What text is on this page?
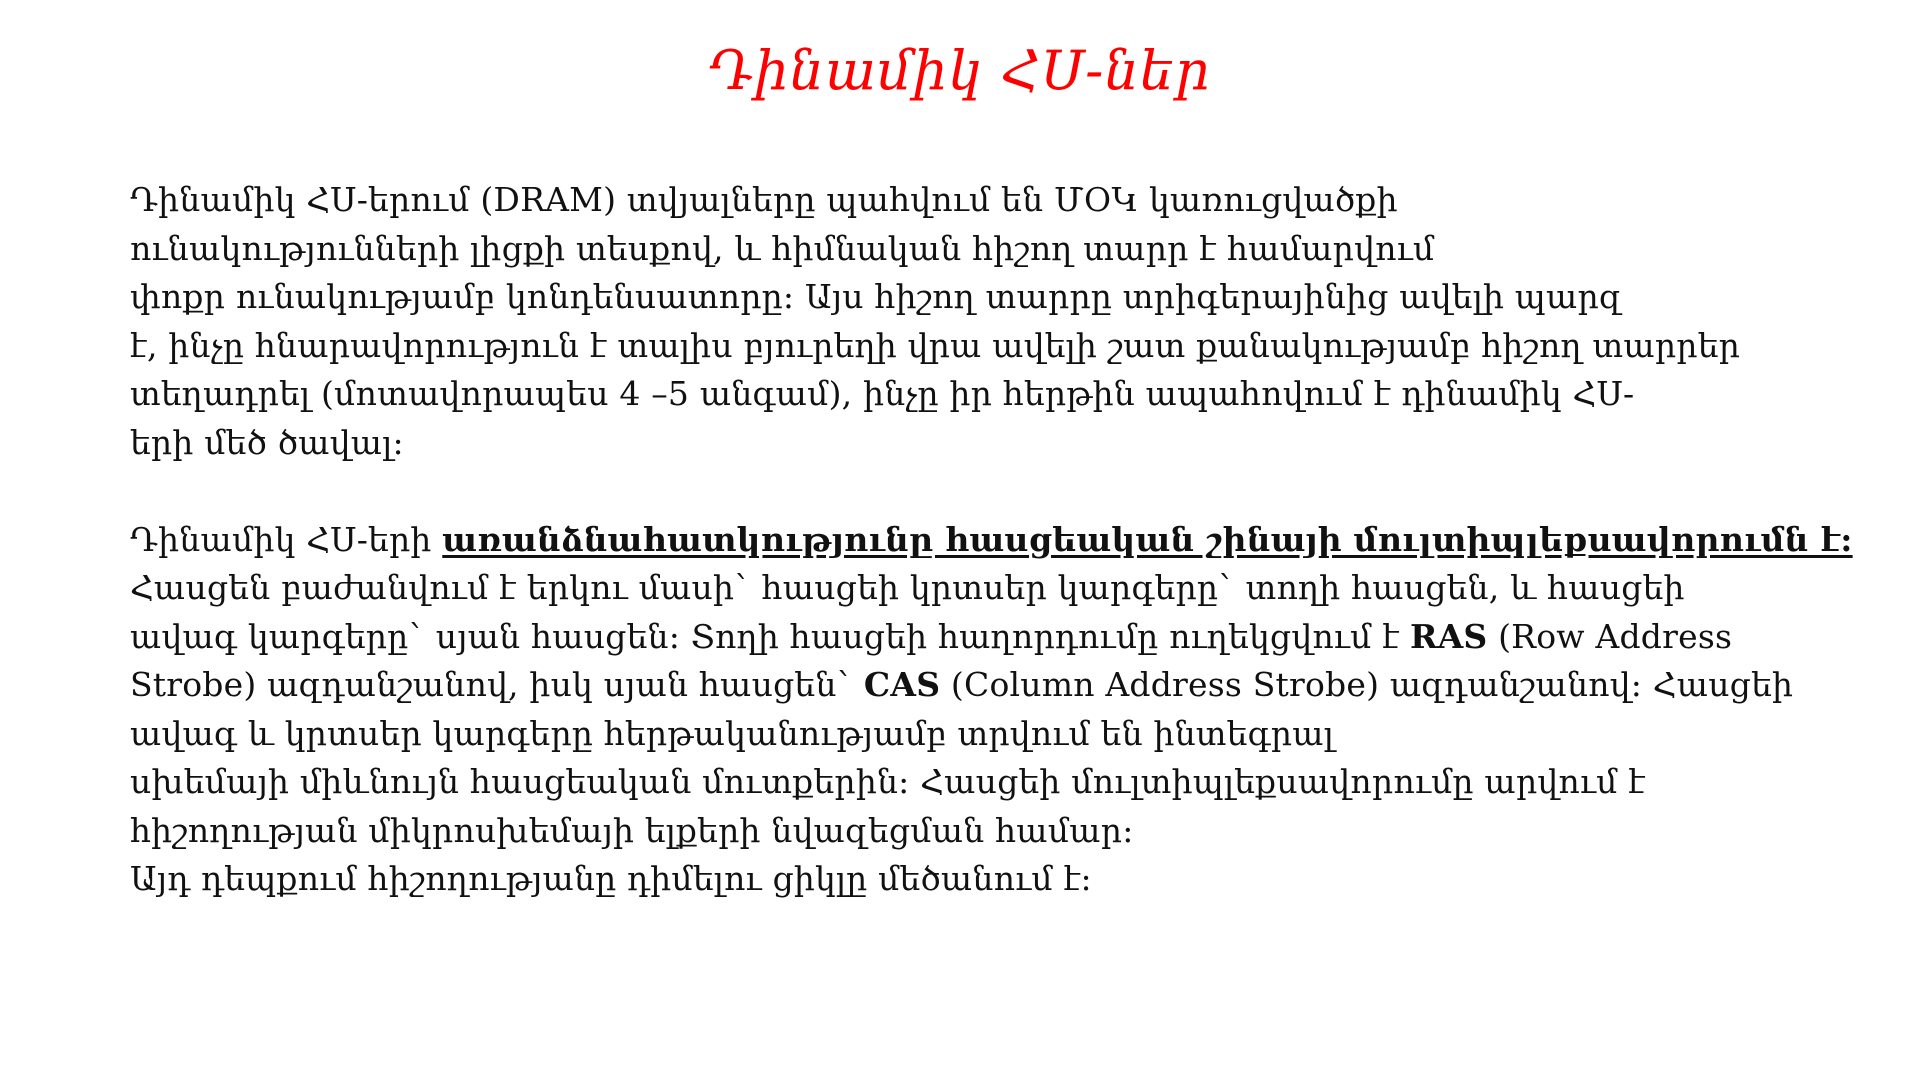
Դինամիկ ՀՍ-ներ
Դինամիկ ՀՍ-երում (DRAM) տվյալները պահվում են ՄՕԿ կառուցվածքի
ունակությունների լիցքի տեսքով, և հիմնական հիշող տարր է համարվում
փոքր ունակությամբ կոնդենսատորը: Այս հիշող տարրը տրիգերայինից ավելի պարզ
է, ինչը հնարավորություն է տալիս բյուրեղի վրա ավելի շատ քանակությամբ հիշող տարրեր
տեղադրել (մոտավորապես 4 –5 անգամ), ինչը իր հերթին ապահովում է դինամիկ ՀՍ-
երի մեծ ծավալ:
Դինամիկ ՀՍ-երի առանձնահատկությունը հասցեական շինայի մուլտիպլեքսավորումն է:
Հասցեն բաժանվում է երկու մասի` հասցեի կրտսեր կարգերը` տողի հասցեն, և հասցեի
ավագ կարգերը` սյան հասցեն: Տողի հասցեի հաղորդումը ուղեկցվում է RAS (Row Address
Strobe) ազդանշանով, իսկ սյան հասցեն` CAS (Column Address Strobe) ազդանշանով: Հասցեի
ավագ և կրտսեր կարգերը հերթականությամբ տրվում են ինտեգրալ
սխեմայի միևնույն հասցեական մուտքերին: Հասցեի մուլտիպլեքսավորումը արվում է
հիշողության միկրոսխեմայի ելքերի նվազեցման համար:
Այդ դեպքում հիշողությանը դիմելու ցիկլը մեծանում է:
